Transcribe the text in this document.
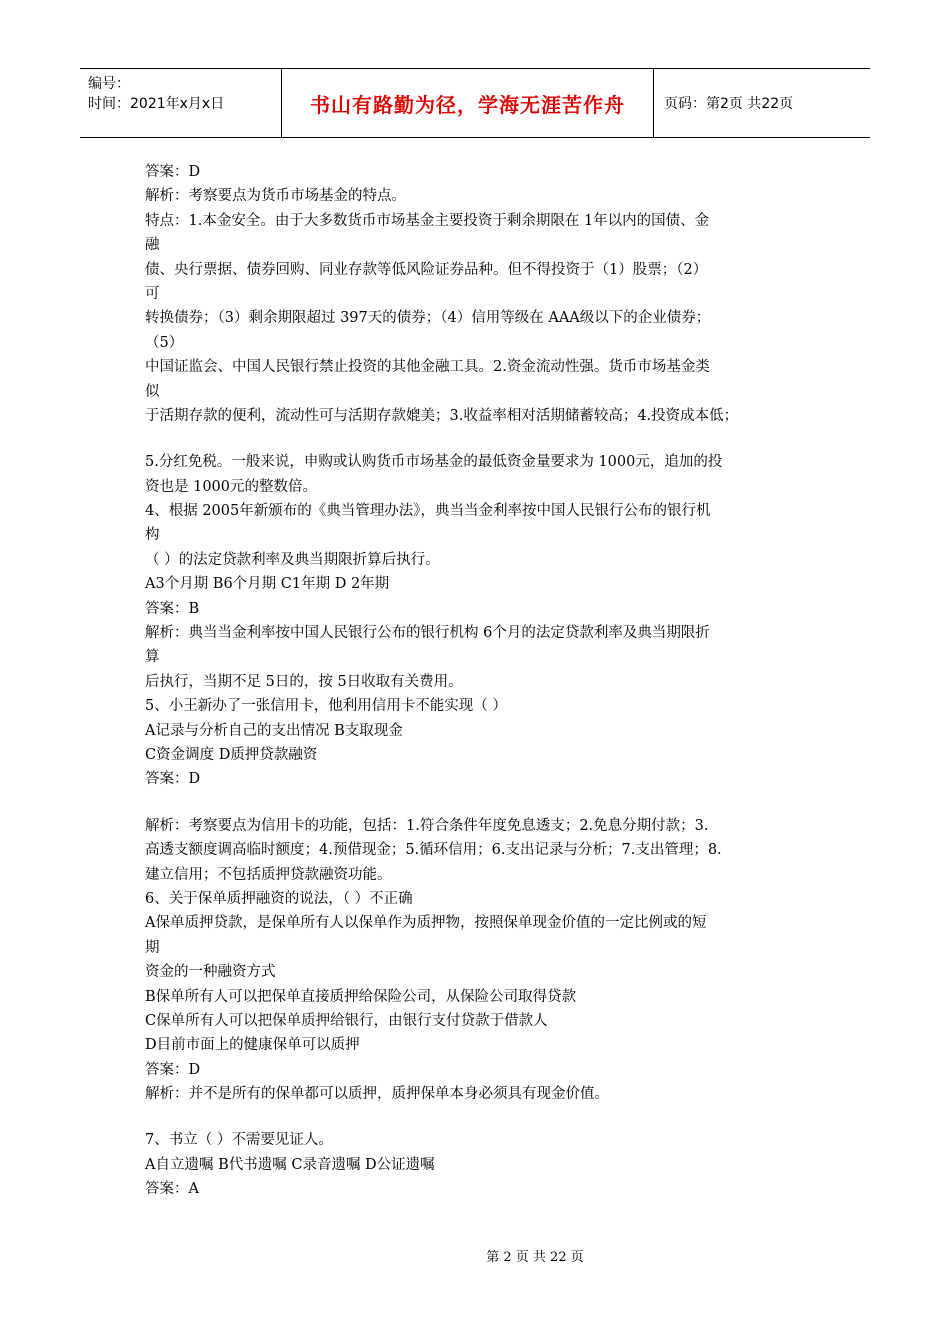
编号：
时间：2021年x月x日	书山有路勤为径，学海无涯苦作舟	页码：第2页 共22页
答案：D
解析：考察要点为货币市场基金的特点。
特点：1.本金安全。由于大多数货币市场基金主要投资于剩余期限在 1年以内的国债、金
融
债、央行票据、债券回购、同业存款等低风险证券品种。但不得投资于（1）股票；（2）
可
转换债券；（3）剩余期限超过 397天的债券；（4）信用等级在 AAA级以下的企业债券；
（5）
中国证监会、中国人民银行禁止投资的其他金融工具。2.资金流动性强。货币市场基金类
似
于活期存款的便利，流动性可与活期存款媲美；3.收益率相对活期储蓄较高；4.投资成本低；
5.分红免税。一般来说，申购或认购货币市场基金的最低资金量要求为 1000元，追加的投
资也是 1000元的整数倍。
4、根据 2005年新颁布的《典当管理办法》，典当当金利率按中国人民银行公布的银行机
构
（ ）的法定贷款利率及典当期限折算后执行。
A3个月期 B6个月期 C1年期 D 2年期
答案：B
解析：典当当金利率按中国人民银行公布的银行机构 6个月的法定贷款利率及典当期限折
算
后执行，当期不足 5日的，按 5日收取有关费用。
5、小王新办了一张信用卡，他利用信用卡不能实现（ ）
A记录与分析自己的支出情况 B支取现金
C资金调度 D质押贷款融资
答案：D
解析：考察要点为信用卡的功能，包括：1.符合条件年度免息透支；2.免息分期付款；3.
高透支额度调高临时额度；4.预借现金；5.循环信用；6.支出记录与分析；7.支出管理；8.
建立信用；不包括质押贷款融资功能。
6、关于保单质押融资的说法，（ ）不正确
A保单质押贷款，是保单所有人以保单作为质押物，按照保单现金价值的一定比例或的短
期
资金的一种融资方式
B保单所有人可以把保单直接质押给保险公司，从保险公司取得贷款
C保单所有人可以把保单质押给银行，由银行支付贷款于借款人
D目前市面上的健康保单可以质押
答案：D
解析：并不是所有的保单都可以质押，质押保单本身必须具有现金价值。
7、书立（ ）不需要见证人。
A自立遗嘱 B代书遗嘱 C录音遗嘱 D公证遗嘱
答案：A
第 2 页 共 22 页
